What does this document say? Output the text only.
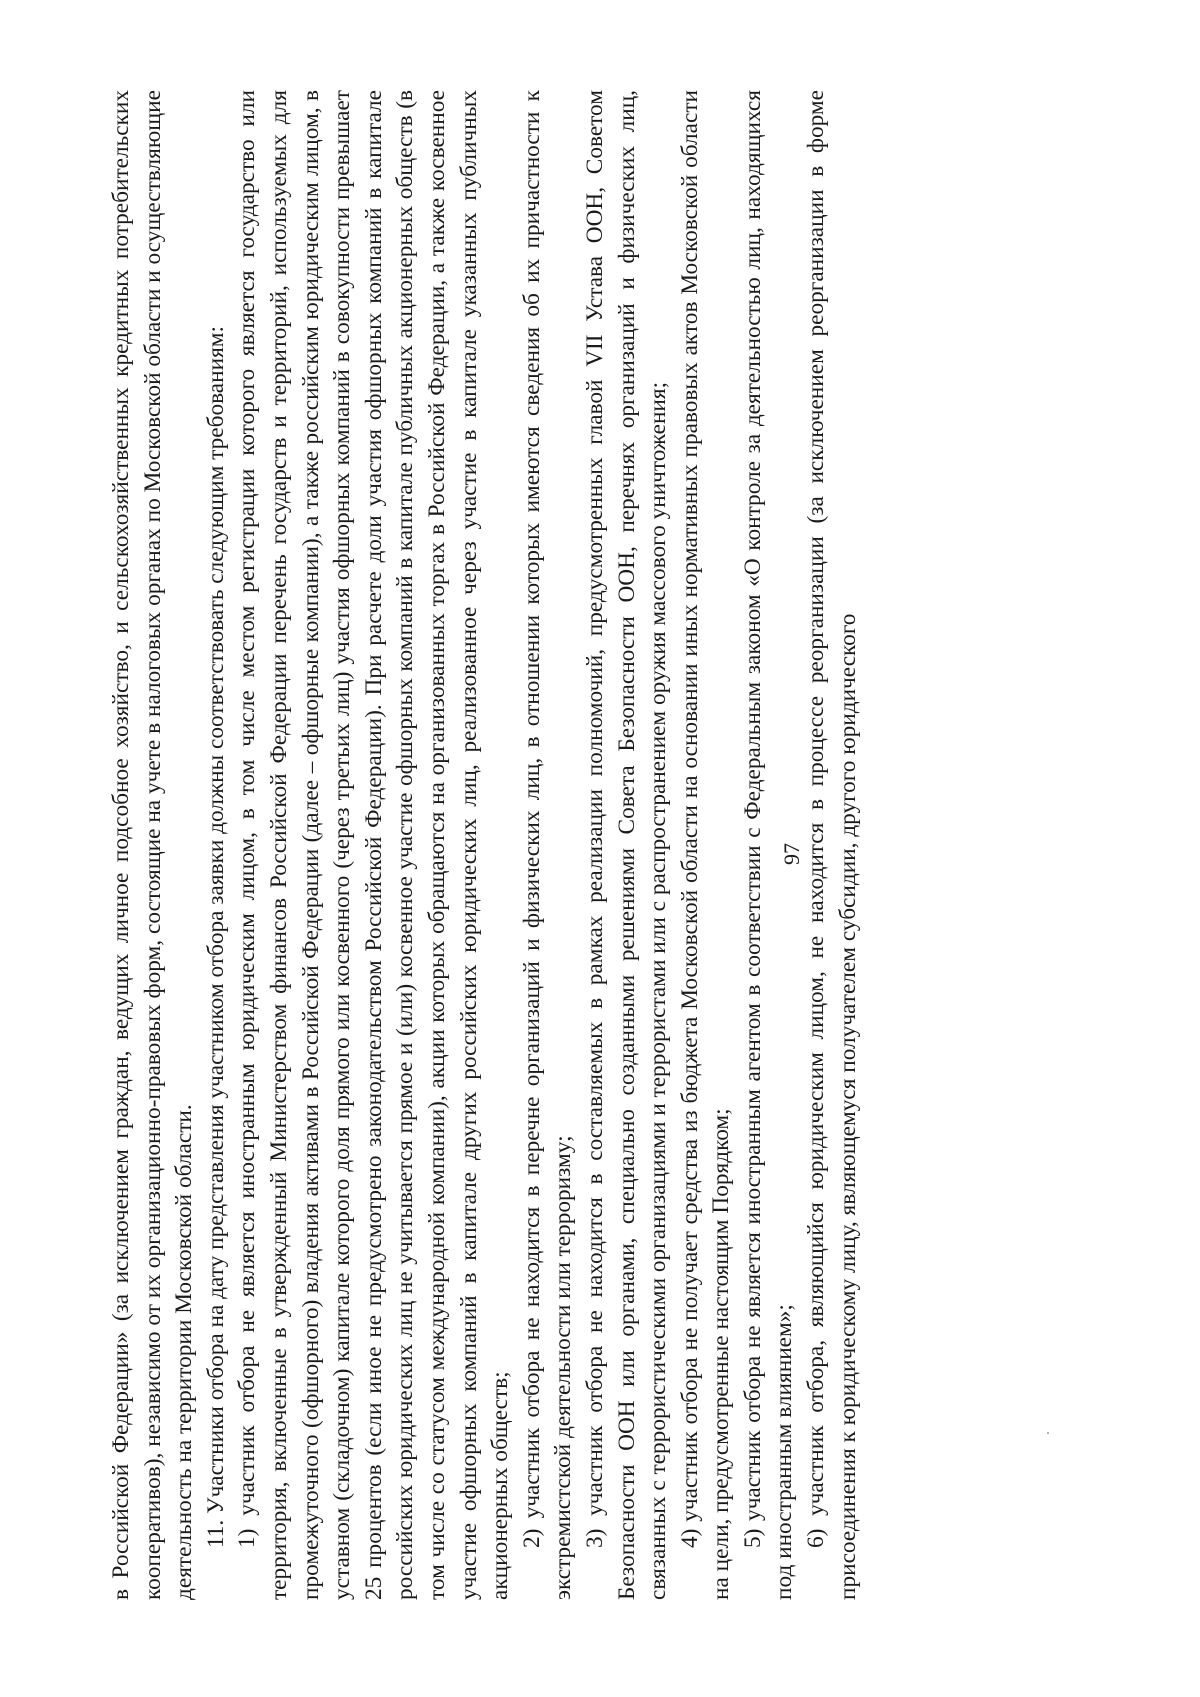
97

в Российской Федерации» (за исключением граждан, ведущих личное подсобное хозяйство, и сельскохозяйственных кредитных потребительских кооперативов), независимо от их организационно-правовых форм, состоящие на учете в налоговых органах по Московской области и осуществляющие деятельность на территории Московской области. 11. Участники отбора на дату представления участником отбора заявки должны соответствовать следующим требованиям: 1) участник отбора не является иностранным юридическим лицом, в том числе местом регистрации которого является государство или территория, включенные в утвержденный Министерством финансов Российской Федерации перечень государств и территорий, используемых для промежуточного (офшорного) владения активами в Российской Федерации (далее – офшорные компании), а также российским юридическим лицом, в уставном (складочном) капитале которого доля прямого или косвенного (через третьих лиц) участия офшорных компаний в совокупности превышает 25 процентов (если иное не предусмотрено законодательством Российской Федерации). При расчете доли участия офшорных компаний в капитале российских юридических лиц не учитывается прямое и (или) косвенное участие офшорных компаний в капитале публичных акционерных обществ (в том числе со статусом международной компании), акции которых обращаются на организованных торгах в Российской Федерации, а также косвенное участие офшорных компаний в капитале других российских юридических лиц, реализованное через участие в капитале указанных публичных акционерных обществ; 2) участник отбора не находится в перечне организаций и физических лиц, в отношении которых имеются сведения об их причастности к экстремистской деятельности или терроризму; 3) участник отбора не находится в составляемых в рамках реализации полномочий, предусмотренных главой VII Устава ООН, Советом Безопасности ООН или органами, специально созданными решениями Совета Безопасности ООН, перечнях организаций и физических лиц, связанных с террористическими организациями и террористами или с распространением оружия массового уничтожения; 4) участник отбора не получает средства из бюджета Московской области на основании иных нормативных правовых актов Московской области на цели, предусмотренные настоящим Порядком; 5) участник отбора не является иностранным агентом в соответствии с Федеральным законом «О контроле за деятельностью лиц, находящихся под иностранным влиянием»; 6) участник отбора, являющийся юридическим лицом, не находится в процессе реорганизации (за исключением реорганизации в форме присоединения к юридическому лицу, являющемуся получателем субсидии, другого юридического
